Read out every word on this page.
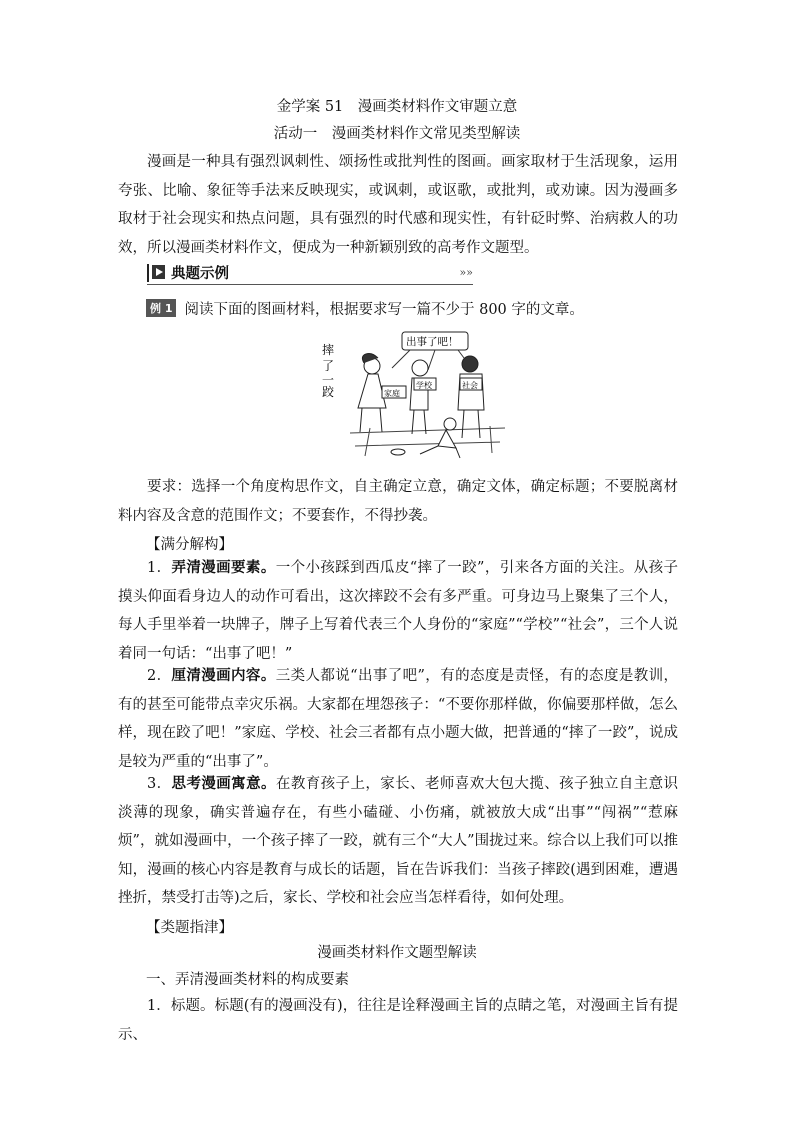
金学案 51　漫画类材料作文审题立意
活动一　漫画类材料作文常见类型解读

漫画是一种具有强烈讽刺性、颂扬性或批判性的图画。画家取材于生活现象，运用夸张、比喻、象征等手法来反映现实，或讽刺，或讴歌，或批判，或劝谏。因为漫画多取材于社会现实和热点问题，具有强烈的时代感和现实性，有针砭时弊、治病救人的功效，所以漫画类材料作文，便成为一种新颖别致的高考作文题型。

典题示例	»»
例 1 阅读下面的图画材料，根据要求写一篇不少于 800 字的文章。
摔
了
一
跤
出事了吧！
家庭
学校	社会

要求：选择一个角度构思作文，自主确定立意，确定文体，确定标题；不要脱离材料内容及含意的范围作文；不要套作，不得抄袭。

【满分解构】

1．弄清漫画要素。一个小孩踩到西瓜皮“摔了一跤”，引来各方面的关注。从孩子摸头仰面看身边人的动作可看出，这次摔跤不会有多严重。可身边马上聚集了三个人，每人手里举着一块牌子，牌子上写着代表三个人身份的“家庭”“学校”“社会”，三个人说着同一句话：“出事了吧！”

2．厘清漫画内容。三类人都说“出事了吧”，有的态度是责怪，有的态度是教训，有的甚至可能带点幸灾乐祸。大家都在埋怨孩子：“不要你那样做，你偏要那样做，怎么样，现在跤了吧！”家庭、学校、社会三者都有点小题大做，把普通的“摔了一跤”，说成是较为严重的“出事了”。

3．思考漫画寓意。在教育孩子上，家长、老师喜欢大包大揽、孩子独立自主意识淡薄的现象，确实普遍存在，有些小磕碰、小伤痛，就被放大成“出事”“闯祸”“惹麻烦”，就如漫画中，一个孩子摔了一跤，就有三个“大人”围拢过来。综合以上我们可以推知，漫画的核心内容是教育与成长的话题，旨在告诉我们：当孩子摔跤(遇到困难，遭遇挫折，禁受打击等)之后，家长、学校和社会应当怎样看待，如何处理。

【类题指津】
漫画类材料作文题型解读
一、弄清漫画类材料的构成要素

1．标题。标题(有的漫画没有)，往往是诠释漫画主旨的点睛之笔，对漫画主旨有提示、
